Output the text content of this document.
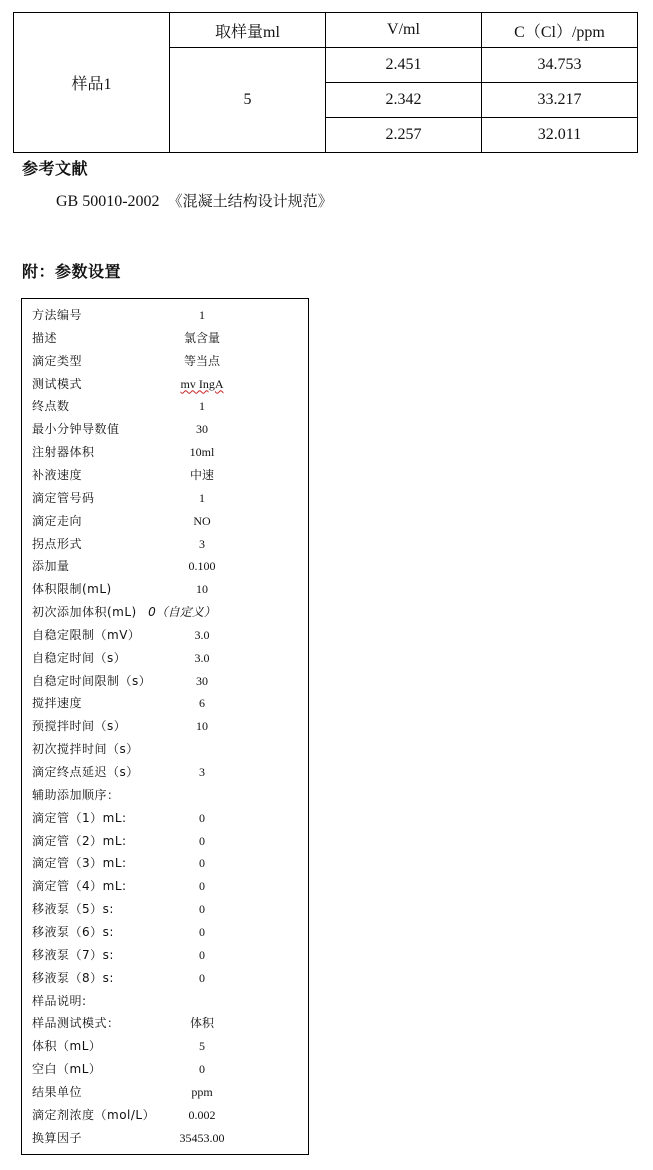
样品1	取样量ml	V/ml	C（Cl）/ppm
	5	2.451	34.753
		2.342	33.217
		2.257	32.011
参考文献
GB 50010-2002 《混凝土结构设计规范》
附：参数设置
方法编号	1
描述	氯含量
滴定类型	等当点
测试模式	mv IngA
终点数	1
最小分钟导数值	30
注射器体积	10ml
补液速度	中速
滴定管号码	1
滴定走向	NO
拐点形式	3
添加量	0.100
体积限制(mL)	10
初次添加体积(mL) 0（自定义）
自稳定限制（mV）	3.0
自稳定时间（s）	3.0
自稳定时间限制（s）	30
搅拌速度	6
预搅拌时间（s）	10
初次搅拌时间（s）
滴定终点延迟（s）	3
辅助添加顺序：
滴定管（1）mL:	0
滴定管（2）mL:	0
滴定管（3）mL:	0
滴定管（4）mL:	0
移液泵（5）s:	0
移液泵（6）s:	0
移液泵（7）s:	0
移液泵（8）s:	0
样品说明:
样品测试模式：	体积
体积（mL）	5
空白（mL）	0
结果单位	ppm
滴定剂浓度（mol/L）	0.002
换算因子	35453.00
